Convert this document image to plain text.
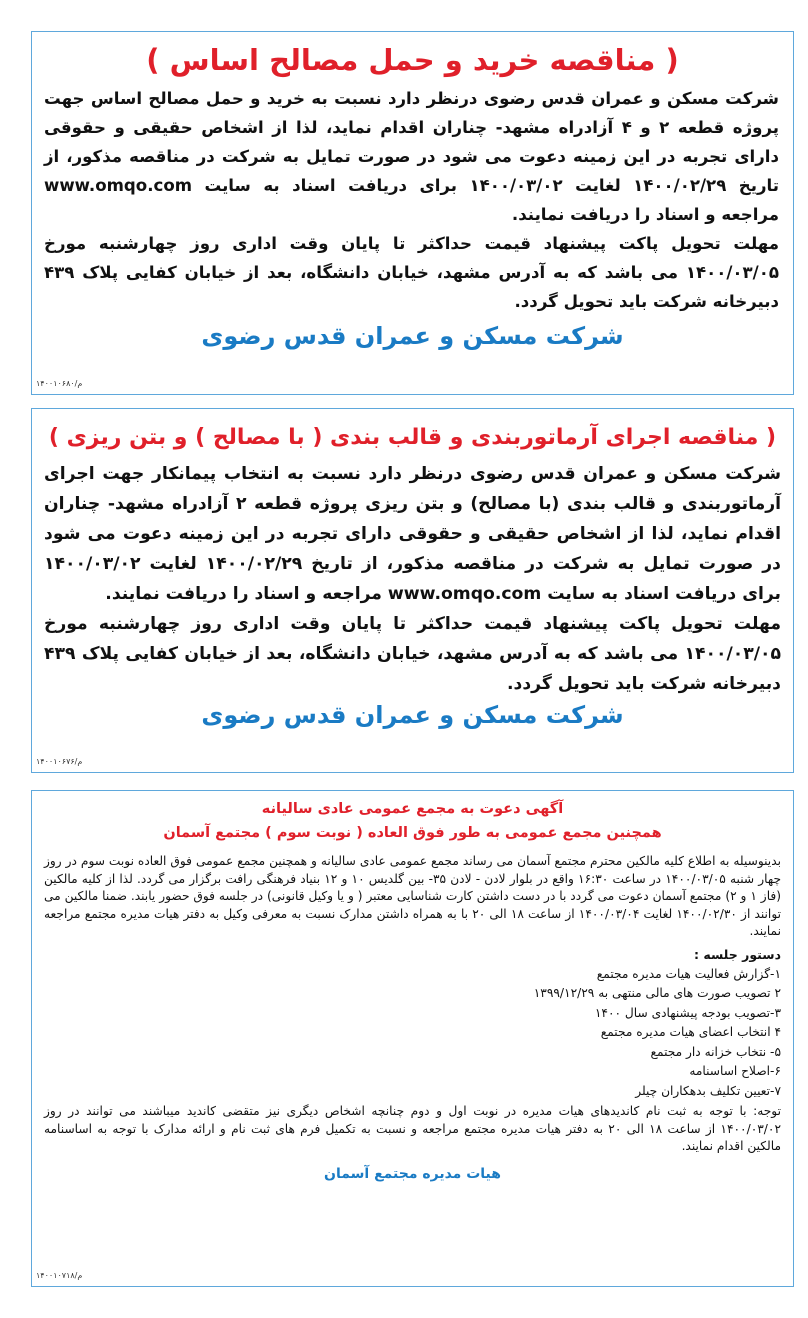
( مناقصه خرید و حمل مصالح اساس )

شرکت مسکن و عمران قدس رضوی درنظر دارد نسبت به خرید و حمل مصالح اساس جهت پروژه قطعه ۲ و ۴ آزادراه مشهد- چناران اقدام نماید، لذا از اشخاص حقیقی و حقوقی دارای تجربه در این زمینه دعوت می شود در صورت تمایل به شرکت در مناقصه مذکور، از تاریخ ۱۴۰۰/۰۲/۲۹ لغایت ۱۴۰۰/۰۳/۰۲ برای دریافت اسناد به سایت www.omqo.com مراجعه و اسناد را دریافت نمایند.

مهلت تحویل پاکت پیشنهاد قیمت حداکثر تا پایان وقت اداری روز چهارشنبه مورخ ۱۴۰۰/۰۳/۰۵ می باشد که به آدرس مشهد، خیابان دانشگاه، بعد از خیابان کفایی پلاک ۴۳۹ دبیرخانه شرکت باید تحویل گردد.

شرکت مسکن و عمران قدس رضوی
م/۱۴۰۰۱۰۶۸۰
( مناقصه اجرای آرماتوربندی و قالب بندی ( با مصالح ) و بتن ریزی )

شرکت مسکن و عمران قدس رضوی درنظر دارد نسبت به انتخاب پیمانکار جهت اجرای آرماتوربندی و قالب بندی (با مصالح) و بتن ریزی پروژه قطعه ۲ آزادراه مشهد- چناران اقدام نماید، لذا از اشخاص حقیقی و حقوقی دارای تجربه در این زمینه دعوت می شود در صورت تمایل به شرکت در مناقصه مذکور، از تاریخ ۱۴۰۰/۰۲/۲۹ لغایت ۱۴۰۰/۰۳/۰۲ برای دریافت اسناد به سایت www.omqo.com مراجعه و اسناد را دریافت نمایند.

مهلت تحویل پاکت پیشنهاد قیمت حداکثر تا پایان وقت اداری روز چهارشنبه مورخ ۱۴۰۰/۰۳/۰۵ می باشد که به آدرس مشهد، خیابان دانشگاه، بعد از خیابان کفایی پلاک ۴۳۹ دبیرخانه شرکت باید تحویل گردد.

شرکت مسکن و عمران قدس رضوی
م/۱۴۰۰۱۰۶۷۶
آگهی دعوت به مجمع عمومی عادی سالیانه
همچنین مجمع عمومی به طور فوق العاده ( نوبت سوم ) مجتمع آسمان

بدینوسیله به اطلاع کلیه مالکین محترم مجتمع آسمان می رساند مجمع عمومی عادی سالیانه و همچنین مجمع عمومی فوق العاده نوبت سوم در روز چهار شنبه ۱۴۰۰/۰۳/۰۵ در ساعت ۱۶:۳۰ واقع در بلوار لادن - لادن ۳۵- بین گلدیس ۱۰ و ۱۲ بنیاد فرهنگی رافت برگزار می گردد. لذا از کلیه مالکین (فاز ۱ و ۲) مجتمع آسمان دعوت می گردد با در دست داشتن کارت شناسایی معتبر ( و یا وکیل قانونی) در جلسه فوق حضور یابند. ضمنا مالکین می توانند از ۱۴۰۰/۰۲/۳۰ لغایت ۱۴۰۰/۰۳/۰۴ از ساعت ۱۸ الی ۲۰ با به همراه داشتن مدارک نسبت به معرفی وکیل به دفتر هیات مدیره مجتمع مراجعه نمایند.

دستور جلسه :
۱-گزارش فعالیت هیات مدیره مجتمع
۲ تصویب صورت های مالی منتهی به ۱۳۹۹/۱۲/۲۹
۳-تصویب بودجه پیشنهادی سال ۱۴۰۰
۴ انتخاب اعضای هیات مدیره مجتمع
۵- نتخاب خزانه دار مجتمع
۶-اصلاح اساسنامه
۷-تعیین تکلیف بدهکاران چیلر
توجه: با توجه به ثبت نام کاندیدهای هیات مدیره در نوبت اول و دوم چنانچه اشخاص دیگری نیز متقضی کاندید میباشند می توانند در روز ۱۴۰۰/۰۳/۰۲ از ساعت ۱۸ الی ۲۰ به دفتر هیات مدیره مجتمع مراجعه و نسبت به تکمیل فرم های ثبت نام و ارائه مدارک با توجه به اساسنامه مالکین اقدام نمایند.
هیات مدیره مجتمع آسمان
م/۱۴۰۰۱۰۷۱۸
